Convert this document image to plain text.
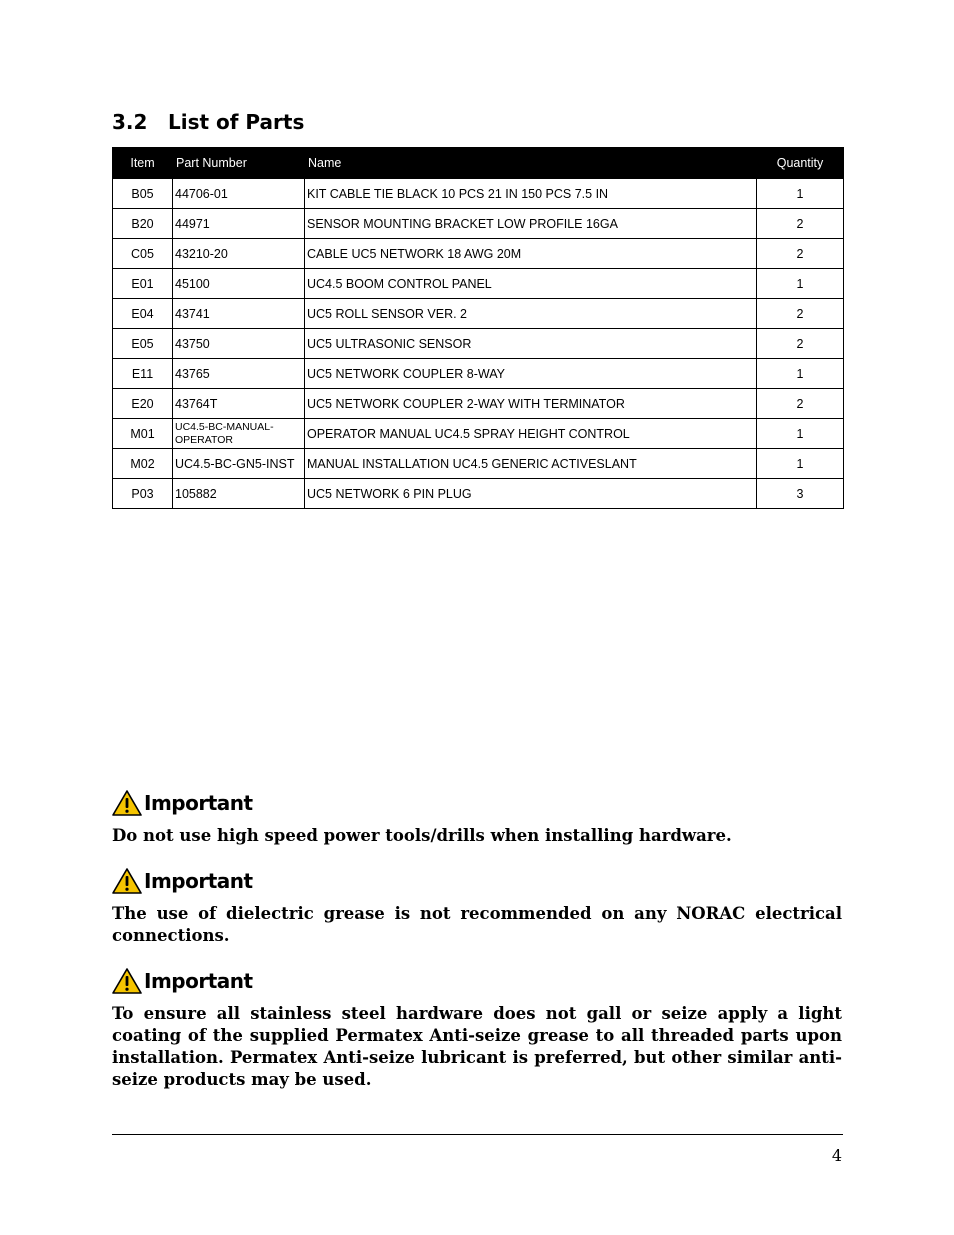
3.2	List of Parts
Item	Part Number	Name	Quantity
B05	44706-01	KIT CABLE TIE BLACK 10 PCS 21 IN 150 PCS 7.5 IN	1
B20	44971	SENSOR MOUNTING BRACKET LOW PROFILE 16GA	2
C05	43210-20	CABLE UC5 NETWORK 18 AWG 20M	2
E01	45100	UC4.5 BOOM CONTROL PANEL	1
E04	43741	UC5 ROLL SENSOR VER. 2	2
E05	43750	UC5 ULTRASONIC SENSOR	2
E11	43765	UC5 NETWORK COUPLER 8-WAY	1
E20	43764T	UC5 NETWORK COUPLER 2-WAY WITH TERMINATOR	2
M01	UC4.5-BC-MANUAL-OPERATOR	OPERATOR MANUAL UC4.5 SPRAY HEIGHT CONTROL	1
M02	UC4.5-BC-GN5-INST	MANUAL INSTALLATION UC4.5 GENERIC ACTIVESLANT	1
P03	105882	UC5 NETWORK 6 PIN PLUG	3
Important
Do not use high speed power tools/drills when installing hardware.
Important
The use of dielectric grease is not recommended on any NORAC electrical connections.
Important
To ensure all stainless steel hardware does not gall or seize apply a light coating of the supplied Permatex Anti-seize grease to all threaded parts upon installation. Permatex Anti-seize lubricant is preferred, but other similar anti-seize products may be used.
4
